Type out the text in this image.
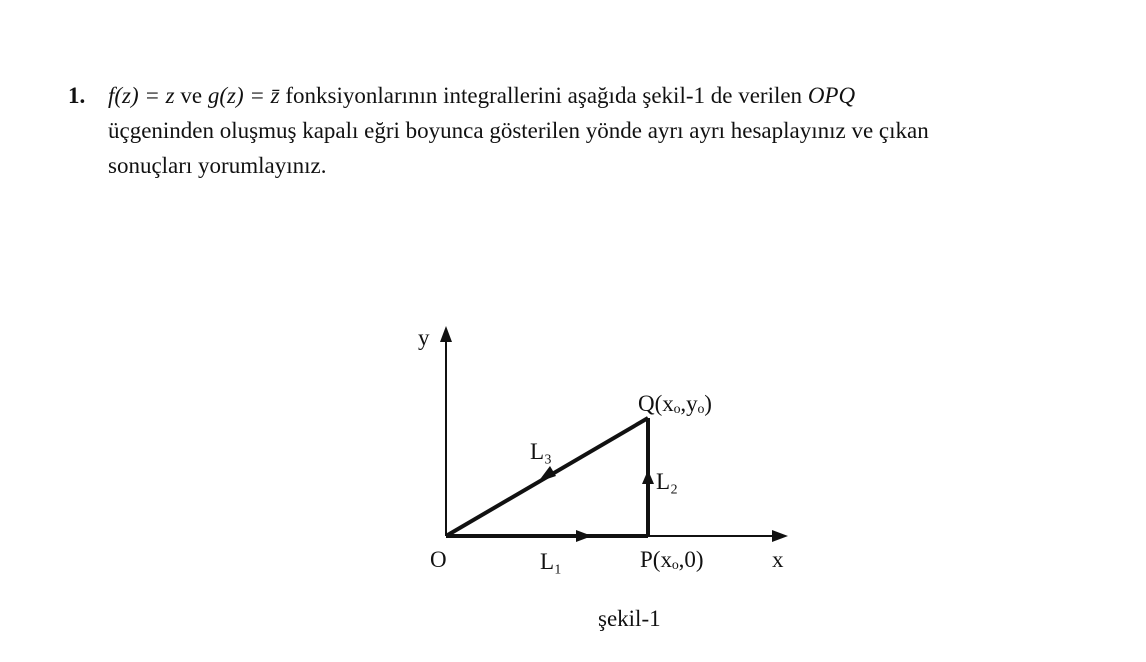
1. f(z) = z ve g(z) = z̄ fonksiyonlarının integrallerini aşağıda şekil-1 de verilen OPQ
üçgeninden oluşmuş kapalı eğri boyunca gösterilen yönde ayrı ayrı hesaplayınız ve çıkan
sonuçları yorumlayınız.
y
x
O	L₁	P(xₒ,0)
L₂
Q(xₒ,yₒ)
L₃
şekil-1
